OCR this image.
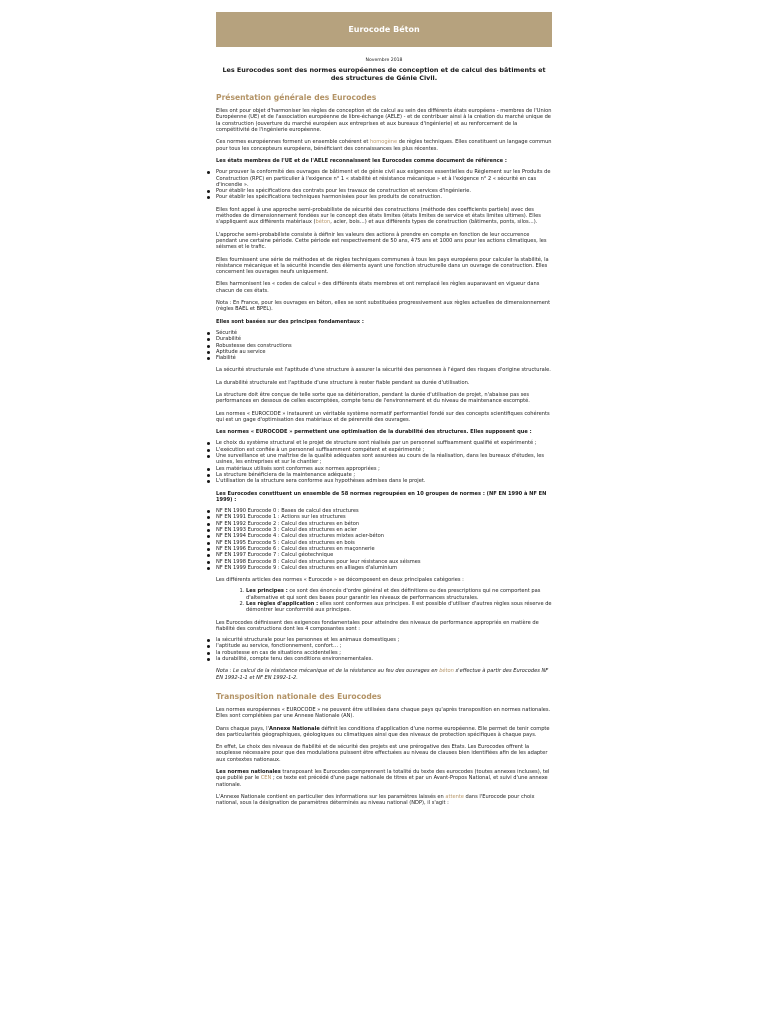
Eurocode Béton
Novembre 2018
Les Eurocodes sont des normes européennes de conception et de calcul des bâtiments et des structures de Génie Civil.
Présentation générale des Eurocodes

Elles ont pour objet d'harmoniser les règles de conception et de calcul au sein des différents états européens - membres de l'Union Européenne (UE) et de l'association européenne de libre-échange (AELE) - et de contribuer ainsi à la création du marché unique de la construction (ouverture du marché européen aux entreprises et aux bureaux d'ingénierie) et au renforcement de la compétitivité de l'ingénierie européenne.

Ces normes européennes forment un ensemble cohérent et homogène de règles techniques. Elles constituent un langage commun pour tous les concepteurs européens, bénéficiant des connaissances les plus récentes.

Les états membres de l'UE et de l'AELE reconnaissent les Eurocodes comme document de référence :

Pour prouver la conformité des ouvrages de bâtiment et de génie civil aux exigences essentielles du Règlement sur les Produits de Construction (RPC) en particulier à l'exigence n° 1 « stabilité et résistance mécanique » et à l'exigence n° 2 « sécurité en cas d'incendie ».
Pour établir les spécifications des contrats pour les travaux de construction et services d'ingénierie.
Pour établir les spécifications techniques harmonisées pour les produits de construction.

Elles font appel à une approche semi-probabiliste de sécurité des constructions (méthode des coefficients partiels) avec des méthodes de dimensionnement fondées sur le concept des états limites (états limites de service et états limites ultimes). Elles s'appliquent aux différents matériaux (béton, acier, bois…) et aux différents types de construction (bâtiments, ponts, silos…).

L'approche semi-probabiliste consiste à définir les valeurs des actions à prendre en compte en fonction de leur occurrence pendant une certaine période. Cette période est respectivement de 50 ans, 475 ans et 1000 ans pour les actions climatiques, les séismes et le trafic.

Elles fournissent une série de méthodes et de règles techniques communes à tous les pays européens pour calculer la stabilité, la résistance mécanique et la sécurité incendie des éléments ayant une fonction structurelle dans un ouvrage de construction. Elles concernent les ouvrages neufs uniquement.

Elles harmonisent les « codes de calcul » des différents états membres et ont remplacé les règles auparavant en vigueur dans chacun de ces états.

Nota : En France, pour les ouvrages en béton, elles se sont substituées progressivement aux règles actuelles de dimensionnement (règles BAEL et BPEL).

Elles sont basées sur des principes fondamentaux :

Sécurité
Durabilité
Robustesse des constructions
Aptitude au service
Fiabilité

La sécurité structurale est l'aptitude d'une structure à assurer la sécurité des personnes à l'égard des risques d'origine structurale.

La durabilité structurale est l'aptitude d'une structure à rester fiable pendant sa durée d'utilisation.

La structure doit être conçue de telle sorte que sa détérioration, pendant la durée d'utilisation de projet, n'abaisse pas ses performances en dessous de celles escomptées, compte tenu de l'environnement et du niveau de maintenance escompté.

Les normes « EUROCODE » instaurent un véritable système normatif performantiel fondé sur des concepts scientifiques cohérents qui est un gage d'optimisation des matériaux et de pérennité des ouvrages.

Les normes « EUROCODE » permettent une optimisation de la durabilité des structures. Elles supposent que :

Le choix du système structural et le projet de structure sont réalisés par un personnel suffisamment qualifié et expérimenté ;
L'exécution est confiée à un personnel suffisamment compétent et expérimenté ;
Une surveillance et une maîtrise de la qualité adéquates sont assurées au cours de la réalisation, dans les bureaux d'études, les usines, les entreprises et sur le chantier ;
Les matériaux utilisés sont conformes aux normes appropriées ;
La structure bénéficiera de la maintenance adéquate ;
L'utilisation de la structure sera conforme aux hypothèses admises dans le projet.

Les Eurocodes constituent un ensemble de 58 normes regroupées en 10 groupes de normes : (NF EN 1990 à NF EN 1999) :

NF EN 1990 Eurocode 0 : Bases de calcul des structures
NF EN 1991 Eurocode 1 : Actions sur les structures
NF EN 1992 Eurocode 2 : Calcul des structures en béton
NF EN 1993 Eurocode 3 : Calcul des structures en acier
NF EN 1994 Eurocode 4 : Calcul des structures mixtes acier-béton
NF EN 1995 Eurocode 5 : Calcul des structures en bois
NF EN 1996 Eurocode 6 : Calcul des structures en maçonnerie
NF EN 1997 Eurocode 7 : Calcul géotechnique
NF EN 1998 Eurocode 8 : Calcul des structures pour leur résistance aux séismes
NF EN 1999 Eurocode 9 : Calcul des structures en alliages d'aluminium

Les différents articles des normes « Eurocode » se décomposent en deux principales catégories :

1. Les principes : ce sont des énoncés d'ordre général et des définitions ou des prescriptions qui ne comportent pas d'alternative et qui sont des bases pour garantir les niveaux de performances structurales.
2. Les règles d'application : elles sont conformes aux principes. Il est possible d'utiliser d'autres règles sous réserve de démontrer leur conformité aux principes.

Les Eurocodes définissent des exigences fondamentales pour atteindre des niveaux de performance appropriés en matière de fiabilité des constructions dont les 4 composantes sont :

la sécurité structurale pour les personnes et les animaux domestiques ;
l'aptitude au service, fonctionnement, confort… ;
la robustesse en cas de situations accidentelles ;
la durabilité, compte tenu des conditions environnementales.

Nota : Le calcul de la résistance mécanique et de la résistance au feu des ouvrages en béton s'effectue à partir des Eurocodes NF EN 1992-1-1 et NF EN 1992-1-2.

Transposition nationale des Eurocodes

Les normes européennes « EUROCODE » ne peuvent être utilisées dans chaque pays qu'après transposition en normes nationales. Elles sont complétées par une Annexe Nationale (AN).

Dans chaque pays, l'Annexe Nationale définit les conditions d'application d'une norme européenne. Elle permet de tenir compte des particularités géographiques, géologiques ou climatiques ainsi que des niveaux de protection spécifiques à chaque pays.

En effet, Le choix des niveaux de fiabilité et de sécurité des projets est une prérogative des Etats. Les Eurocodes offrent la souplesse nécessaire pour que des modulations puissent être effectuées au niveau de clauses bien identifiées afin de les adapter aux contextes nationaux.

Les normes nationales transposant les Eurocodes comprennent la totalité du texte des eurocodes (toutes annexes incluses), tel que publié par le CEN ; ce texte est précédé d'une page nationale de titres et par un Avant-Propos National, et suivi d'une annexe nationale.

L'Annexe Nationale contient en particulier des informations sur les paramètres laissés en attente dans l'Eurocode pour choix national, sous la désignation de paramètres déterminés au niveau national (NDP), il s'agit :
